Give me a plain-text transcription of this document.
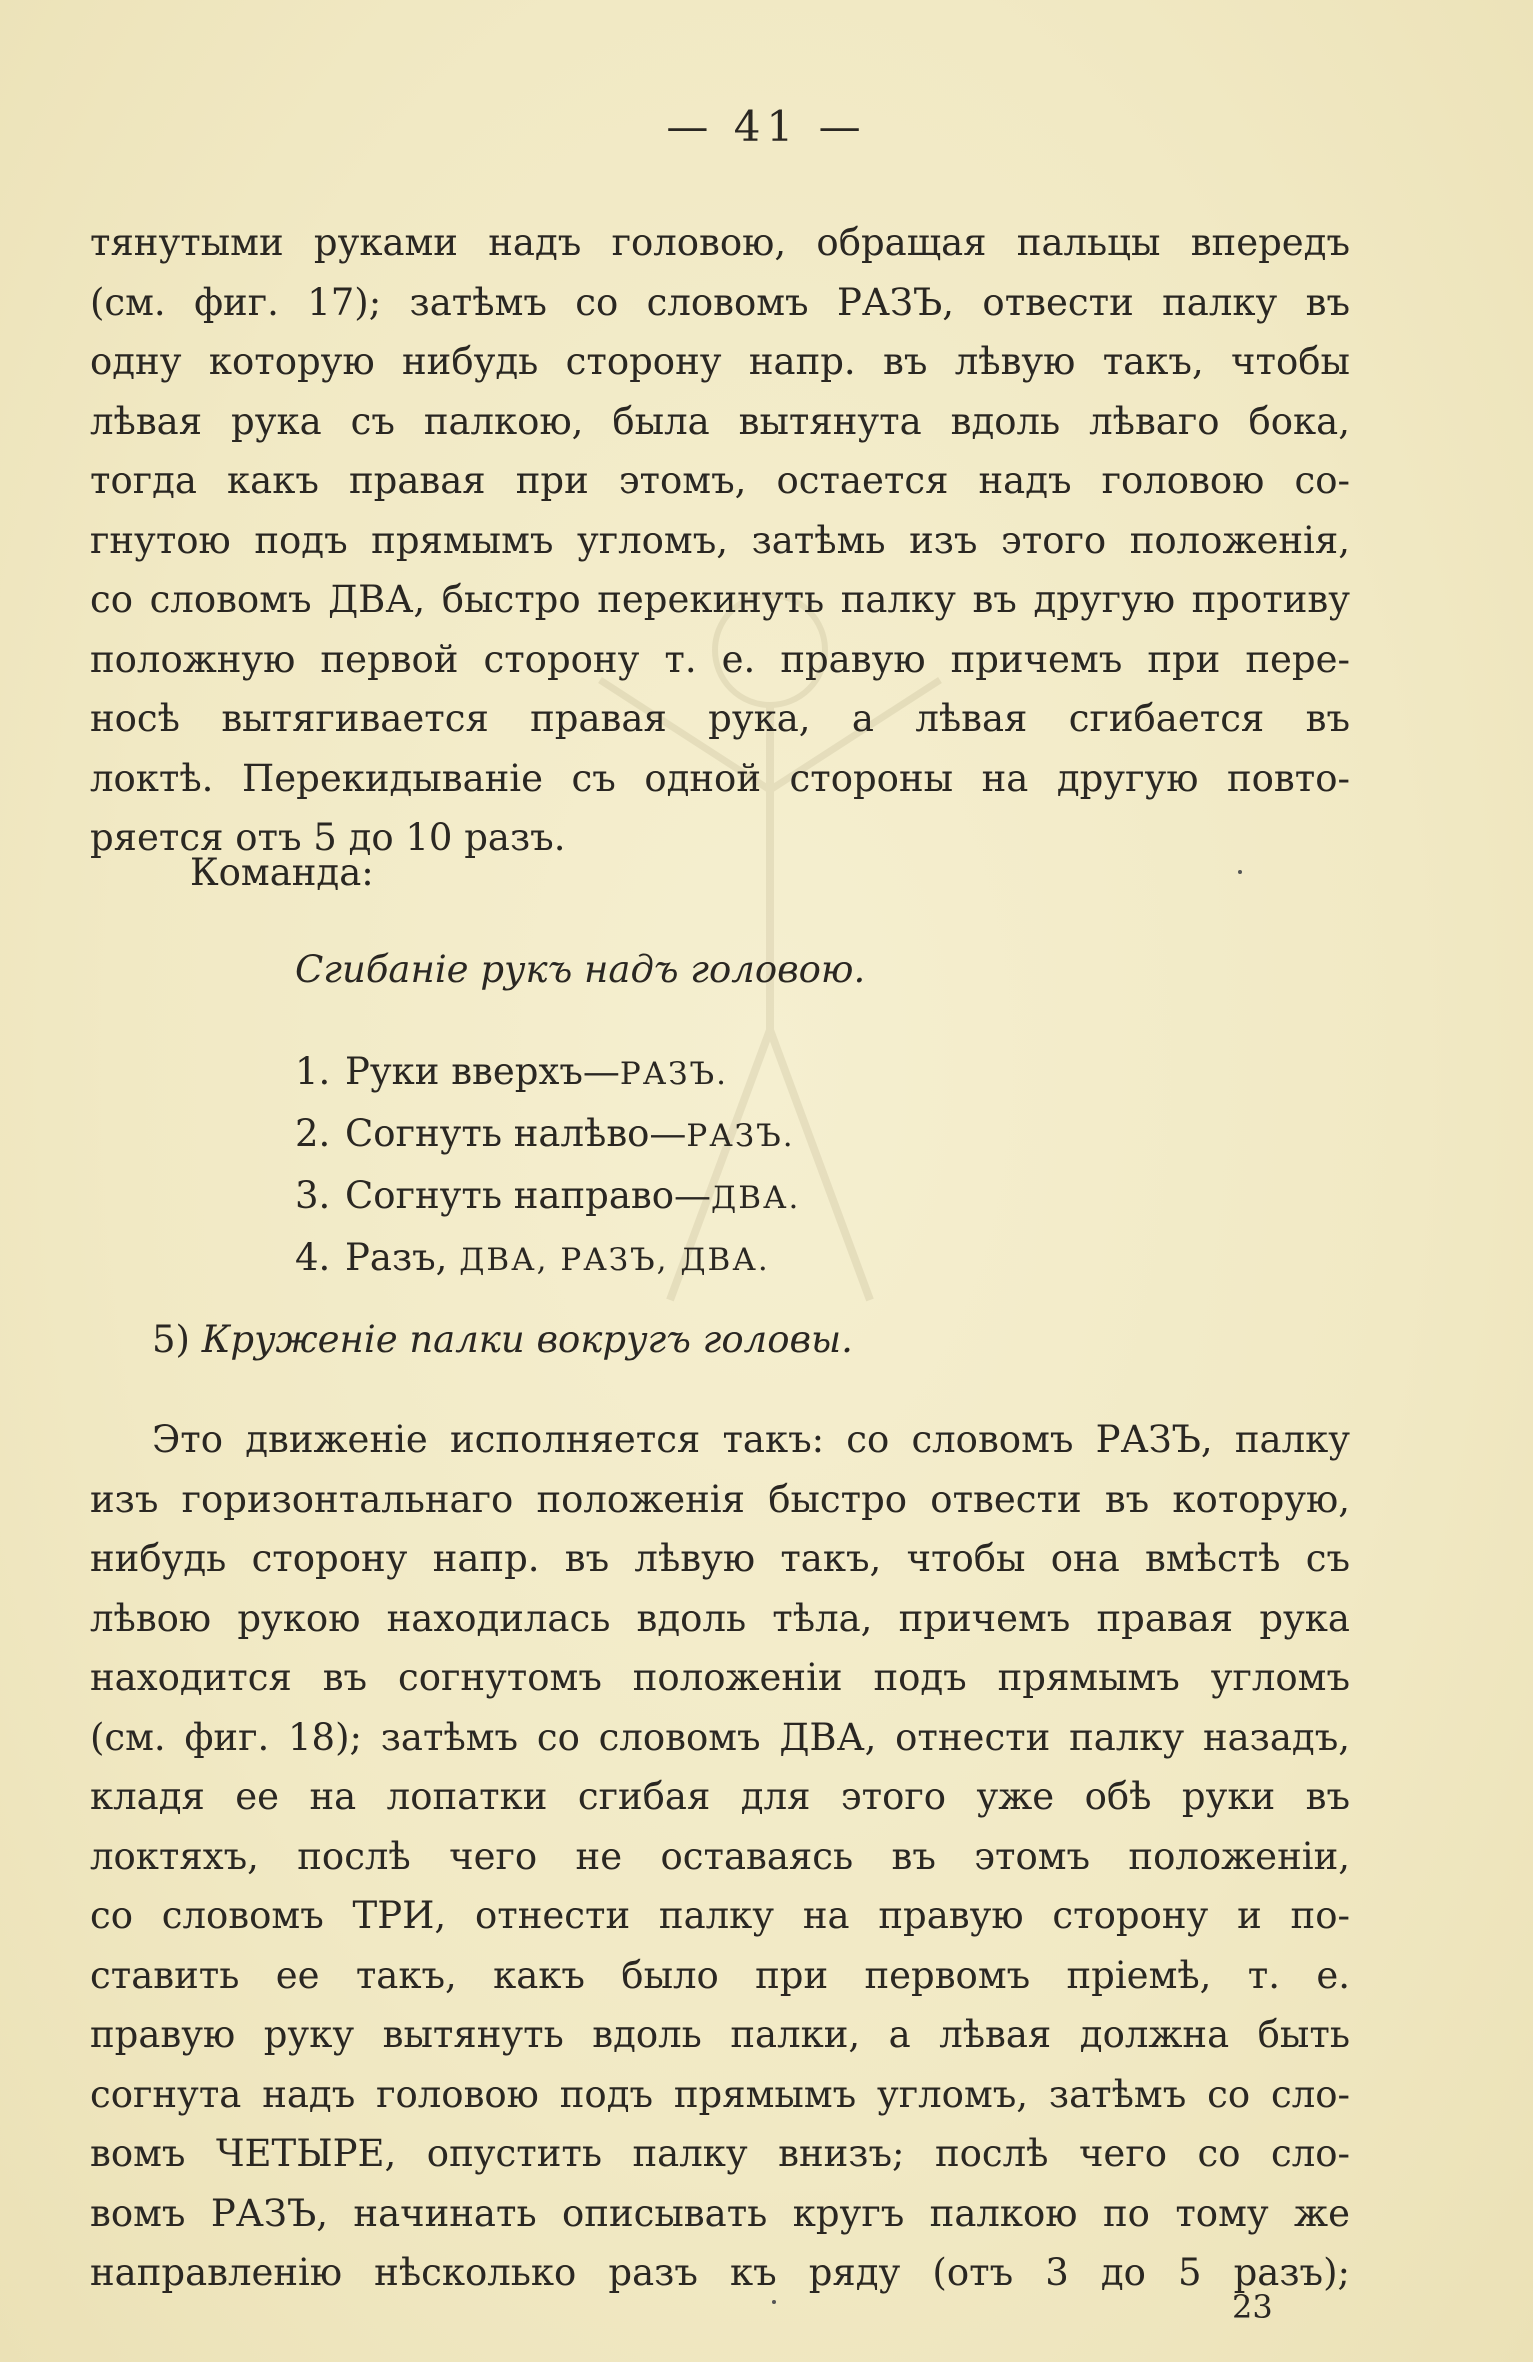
— 41 —
тянутыми руками надъ головою, обращая пальцы впередъ
(см. фиг. 17); затѣмъ со словомъ РАЗЪ, отвести палку въ
одну которую нибудь сторону напр. въ лѣвую такъ, чтобы
лѣвая рука съ палкою, была вытянута вдоль лѣваго бока,
тогда какъ правая при этомъ, остается надъ головою со-
гнутою подъ прямымъ угломъ, затѣмь изъ этого положенія,
со словомъ ДВА, быстро перекинуть палку въ другую противу
положную первой сторону т. е. правую причемъ при пере-
носѣ вытягивается правая рука, а лѣвая сгибается въ
локтѣ. Перекидываніе съ одной стороны на другую повто-
ряется отъ 5 до 10 разъ.
Команда:
Сгибаніе рукъ надъ головою.
1. Руки вверхъ—РАЗЪ.
2. Согнуть налѣво—РАЗЪ.
3. Согнуть направо—ДВА.
4. Разъ, ДВА, РАЗЪ, ДВА.
5) Круженіе палки вокругъ головы.
Это движеніе исполняется такъ: со словомъ РАЗЪ, палку
изъ горизонтальнаго положенія быстро отвести въ которую,
нибудь сторону напр. въ лѣвую такъ, чтобы она вмѣстѣ съ
лѣвою рукою находилась вдоль тѣла, причемъ правая рука
находится въ согнутомъ положеніи подъ прямымъ угломъ
(см. фиг. 18); затѣмъ со словомъ ДВА, отнести палку назадъ,
кладя ее на лопатки сгибая для этого уже обѣ руки въ
локтяхъ, послѣ чего не оставаясь въ этомъ положеніи,
со словомъ ТРИ, отнести палку на правую сторону и по-
ставить ее такъ, какъ было при первомъ пріемѣ, т. е.
правую руку вытянуть вдоль палки, а лѣвая должна быть
согнута надъ головою подъ прямымъ угломъ, затѣмъ со сло-
вомъ ЧЕТЫРЕ, опустить палку внизъ; послѣ чего со сло-
вомъ РАЗЪ, начинать описывать кругъ палкою по тому же
направленію нѣсколько разъ къ ряду (отъ 3 до 5 разъ);
23
